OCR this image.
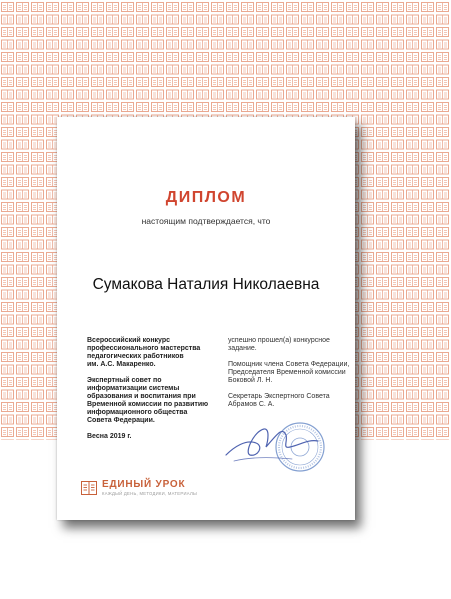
ДИПЛОМ
настоящим подтверждается, что
Сумакова Наталия Николаевна
Всероссийский конкурс
профессионального мастерства
педагогических работников
им. А.С. Макаренко.
Экспертный совет по
информатизации системы
образования и воспитания при
Временной комиссии по развитию
информационного общества
Совета Федерации.
Весна 2019 г.
успешно прошел(а) конкурсное
задание.
Помощник члена Совета Федерации,
Председателя Временной комиссии
Боковой Л. Н.
Секретарь Экспертного Совета
Абрамов С. А.
ЕДИНЫЙ УРОК
КАЖДЫЙ ДЕНЬ, МЕТОДИКИ, МАТЕРИАЛЫ
